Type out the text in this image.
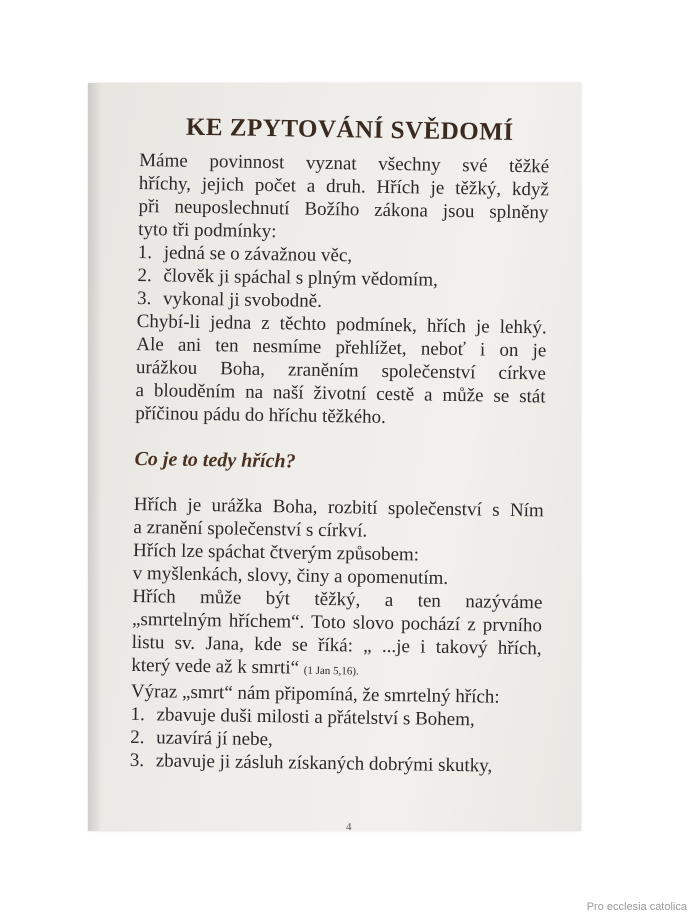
KE ZPYTOVÁNÍ SVĚDOMÍ
Máme povinnost vyznat všechny své těžké
hříchy, jejich počet a druh. Hřích je těžký, když
při neuposlechnutí Božího zákona jsou splněny
tyto tři podmínky:
1. jedná se o závažnou věc,
2. člověk ji spáchal s plným vědomím,
3. vykonal ji svobodně.
Chybí-li jedna z těchto podmínek, hřích je lehký.
Ale ani ten nesmíme přehlížet, neboť i on je
urážkou Boha, zraněním společenství církve
a blouděním na naší životní cestě a může se stát
příčinou pádu do hříchu těžkého.
Co je to tedy hřích?
Hřích je urážka Boha, rozbití společenství s Ním
a zranění společenství s církví.
Hřích lze spáchat čtverým způsobem:
v myšlenkách, slovy, činy a opomenutím.
Hřích může být těžký, a ten nazýváme
„smrtelným hříchem“. Toto slovo pochází z prvního
listu sv. Jana, kde se říká: „ ...je i takový hřích,
který vede až k smrti“ (1 Jan 5,16).
Výraz „smrt“ nám připomíná, že smrtelný hřích:
1. zbavuje duši milosti a přátelství s Bohem,
2. uzavírá jí nebe,
3. zbavuje ji zásluh získaných dobrými skutky,
4
Pro ecclesia catolica
